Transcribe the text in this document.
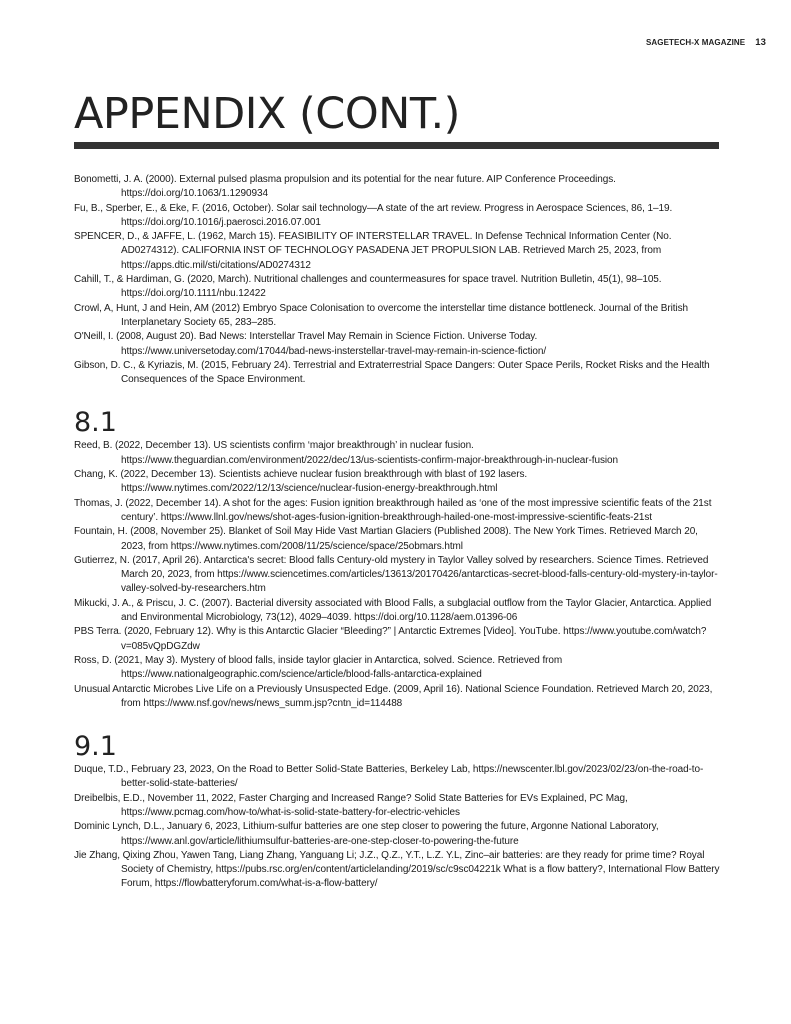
SAGETECH-X MAGAZINE 13
APPENDIX (CONT.)

Bonometti, J. A. (2000). External pulsed plasma propulsion and its potential for the near future. AIP Conference Proceedings. https://doi.org/10.1063/1.1290934

Fu, B., Sperber, E., & Eke, F. (2016, October). Solar sail technology—A state of the art review. Progress in Aerospace Sciences, 86, 1–19. https://doi.org/10.1016/j.paerosci.2016.07.001

SPENCER, D., & JAFFE, L. (1962, March 15). FEASIBILITY OF INTERSTELLAR TRAVEL. In Defense Technical Information Center (No. AD0274312). CALIFORNIA INST OF TECHNOLOGY PASADENA JET PROPULSION LAB. Retrieved March 25, 2023, from https://apps.dtic.mil/sti/citations/AD0274312

Cahill, T., & Hardiman, G. (2020, March). Nutritional challenges and countermeasures for space travel. Nutrition Bulletin, 45(1), 98–105. https://doi.org/10.1111/nbu.12422

Crowl, A, Hunt, J and Hein, AM (2012) Embryo Space Colonisation to overcome the interstellar time distance bottleneck. Journal of the British Interplanetary Society 65, 283–285.

O'Neill, I. (2008, August 20). Bad News: Interstellar Travel May Remain in Science Fiction. Universe Today. https://www.universetoday.com/17044/bad-news-insterstellar-travel-may-remain-in-science-fiction/

Gibson, D. C., & Kyriazis, M. (2015, February 24). Terrestrial and Extraterrestrial Space Dangers: Outer Space Perils, Rocket Risks and the Health Consequences of the Space Environment.

8.1

Reed, B. (2022, December 13). US scientists confirm ‘major breakthrough’ in nuclear fusion. https://www.theguardian.com/environment/2022/dec/13/us-scientists-confirm-major-breakthrough-in-nuclear-fusion

Chang, K. (2022, December 13). Scientists achieve nuclear fusion breakthrough with blast of 192 lasers. https://www.nytimes.com/2022/12/13/science/nuclear-fusion-energy-breakthrough.html

Thomas, J. (2022, December 14). A shot for the ages: Fusion ignition breakthrough hailed as ‘one of the most impressive scientific feats of the 21st century’. https://www.llnl.gov/news/shot-ages-fusion-ignition-breakthrough-hailed-one-most-impressive-scientific-feats-21st

Fountain, H. (2008, November 25). Blanket of Soil May Hide Vast Martian Glaciers (Published 2008). The New York Times. Retrieved March 20, 2023, from https://www.nytimes.com/2008/11/25/science/space/25obmars.html

Gutierrez, N. (2017, April 26). Antarctica's secret: Blood falls Century-old mystery in Taylor Valley solved by researchers. Science Times. Retrieved March 20, 2023, from https://www.sciencetimes.com/articles/13613/20170426/antarcticas-secret-blood-falls-century-old-mystery-in-taylor-valley-solved-by-researchers.htm

Mikucki, J. A., & Priscu, J. C. (2007). Bacterial diversity associated with Blood Falls, a subglacial outflow from the Taylor Glacier, Antarctica. Applied and Environmental Microbiology, 73(12), 4029–4039. https://doi.org/10.1128/aem.01396-06

PBS Terra. (2020, February 12). Why is this Antarctic Glacier “Bleeding?” | Antarctic Extremes [Video]. YouTube. https://www.youtube.com/watch?v=085vQpDGZdw

Ross, D. (2021, May 3). Mystery of blood falls, inside taylor glacier in Antarctica, solved. Science. Retrieved from https://www.nationalgeographic.com/science/article/blood-falls-antarctica-explained

Unusual Antarctic Microbes Live Life on a Previously Unsuspected Edge. (2009, April 16). National Science Foundation. Retrieved March 20, 2023, from https://www.nsf.gov/news/news_summ.jsp?cntn_id=114488

9.1

Duque, T.D., February 23, 2023, On the Road to Better Solid-State Batteries, Berkeley Lab, https://newscenter.lbl.gov/2023/02/23/on-the-road-to-better-solid-state-batteries/

Dreibelbis, E.D., November 11, 2022, Faster Charging and Increased Range? Solid State Batteries for EVs Explained, PC Mag, https://www.pcmag.com/how-to/what-is-solid-state-battery-for-electric-vehicles

Dominic Lynch, D.L., January 6, 2023, Lithium-sulfur batteries are one step closer to powering the future, Argonne National Laboratory, https://www.anl.gov/article/lithiumsulfur-batteries-are-one-step-closer-to-powering-the-future

Jie Zhang, Qixing Zhou, Yawen Tang, Liang Zhang, Yanguang Li; J.Z., Q.Z., Y.T., L.Z. Y.L, Zinc–air batteries: are they ready for prime time? Royal Society of Chemistry, https://pubs.rsc.org/en/content/articlelanding/2019/sc/c9sc04221k What is a flow battery?, International Flow Battery Forum, https://flowbatteryforum.com/what-is-a-flow-battery/
